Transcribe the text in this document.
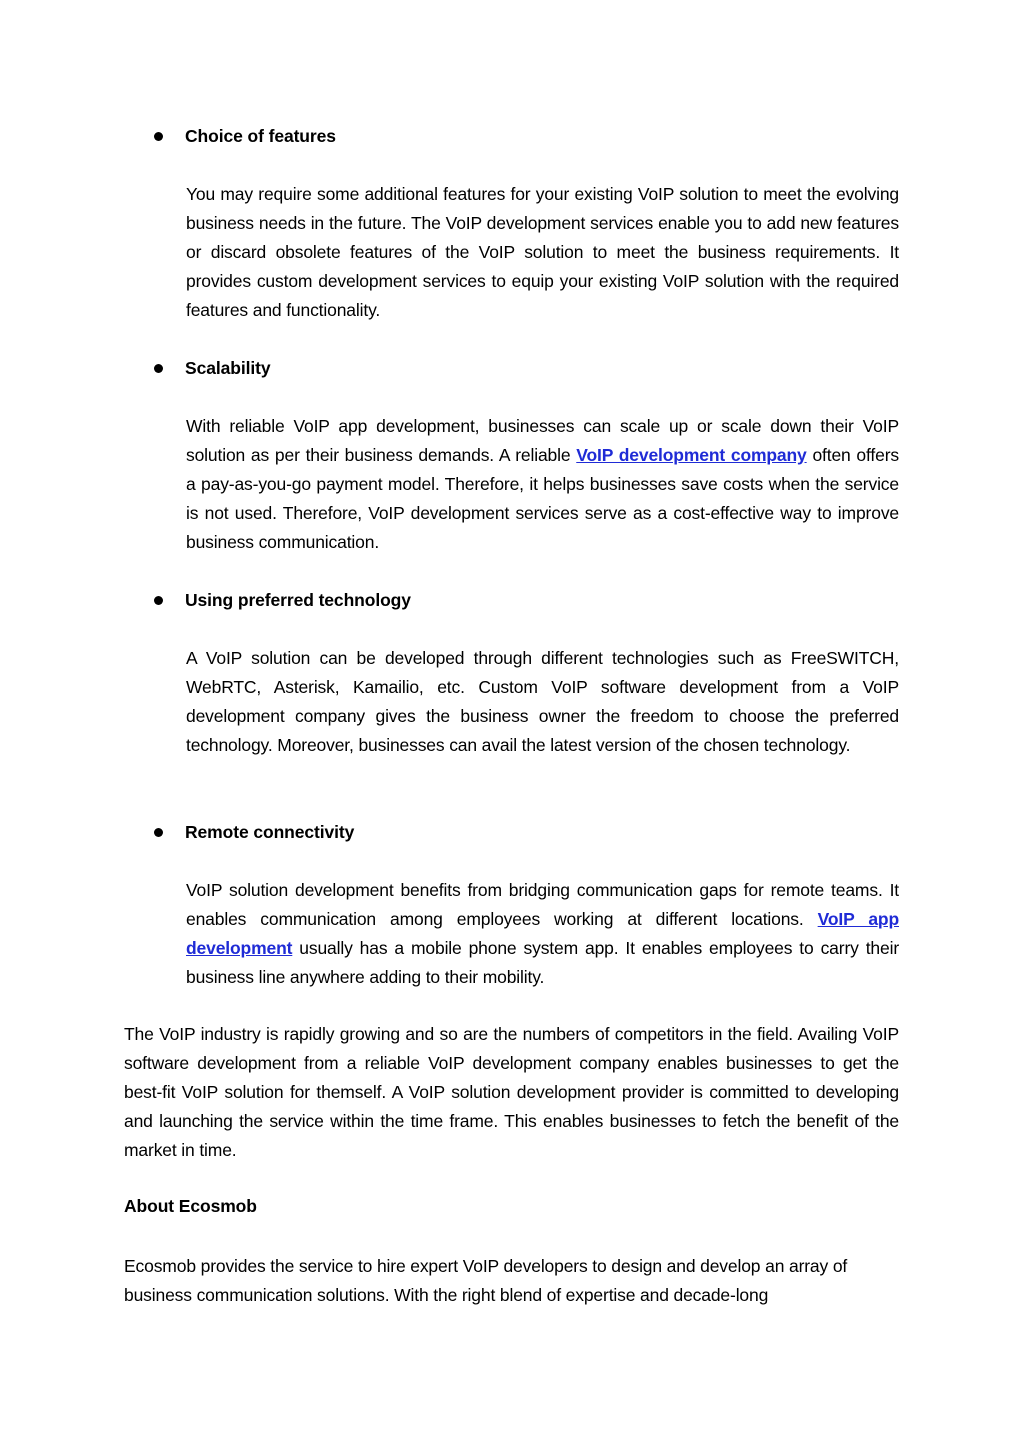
Choice of features

You may require some additional features for your existing VoIP solution to meet the evolving business needs in the future. The VoIP development services enable you to add new features or discard obsolete features of the VoIP solution to meet the business requirements. It provides custom development services to equip your existing VoIP solution with the required features and functionality.

Scalability

With reliable VoIP app development, businesses can scale up or scale down their VoIP solution as per their business demands. A reliable VoIP development company often offers a pay-as-you-go payment model. Therefore, it helps businesses save costs when the service is not used. Therefore, VoIP development services serve as a cost-effective way to improve business communication.

Using preferred technology

A VoIP solution can be developed through different technologies such as FreeSWITCH, WebRTC, Asterisk, Kamailio, etc. Custom VoIP software development from a VoIP development company gives the business owner the freedom to choose the preferred technology. Moreover, businesses can avail the latest version of the chosen technology.

Remote connectivity

VoIP solution development benefits from bridging communication gaps for remote teams. It enables communication among employees working at different locations. VoIP app development usually has a mobile phone system app. It enables employees to carry their business line anywhere adding to their mobility.

The VoIP industry is rapidly growing and so are the numbers of competitors in the field. Availing VoIP software development from a reliable VoIP development company enables businesses to get the best-fit VoIP solution for themself. A VoIP solution development provider is committed to developing and launching the service within the time frame. This enables businesses to fetch the benefit of the market in time.

About Ecosmob

Ecosmob provides the service to hire expert VoIP developers to design and develop an array of business communication solutions. With the right blend of expertise and decade-long
